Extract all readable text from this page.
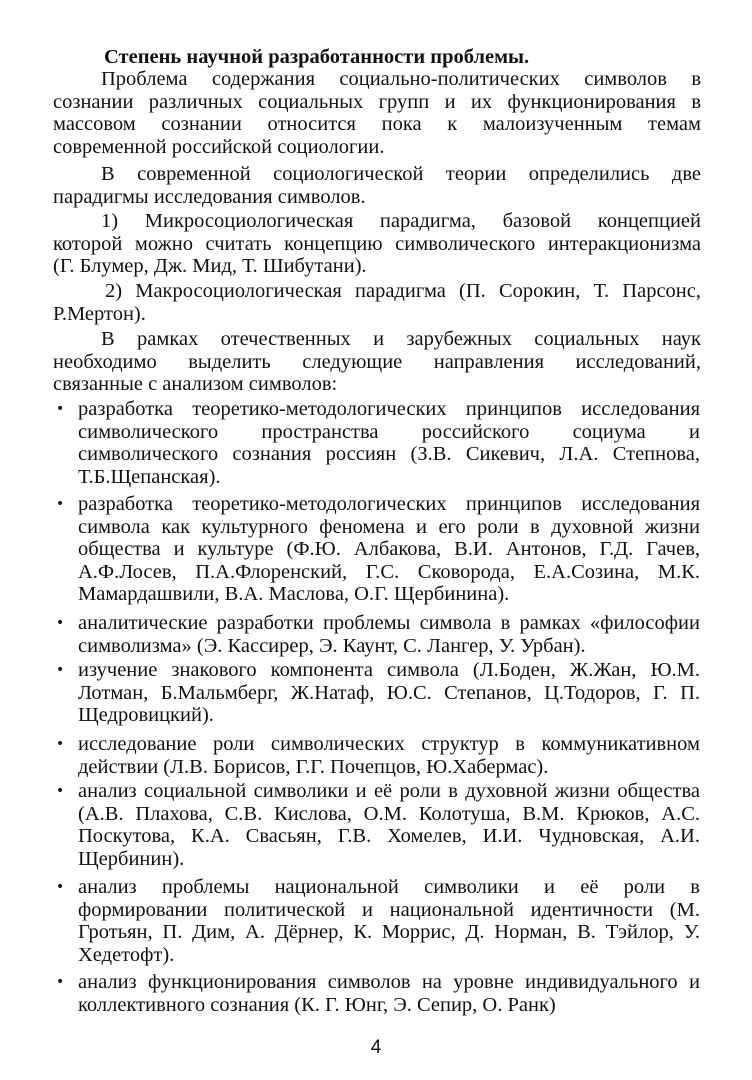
Степень научной разработанности проблемы.
Проблема содержания социально-политических символов в
сознании различных социальных групп и их функционирования в
массовом сознании относится пока к малоизученным темам
современной российской социологии.
В современной социологической теории определились две
парадигмы исследования символов.
1) Микросоциологическая парадигма, базовой концепцией
которой можно считать концепцию символического интеракционизма
(Г. Блумер, Дж. Мид, Т. Шибутани).
2) Макросоциологическая парадигма (П. Сорокин, Т. Парсонс,
Р.Мертон).
В рамках отечественных и зарубежных социальных наук
необходимо выделить следующие направления исследований,
связанные с анализом символов:
• разработка теоретико-методологических принципов исследования
символического пространства российского социума и
символического сознания россиян (З.В. Сикевич, Л.А. Степнова,
Т.Б.Щепанская).
• разработка теоретико-методологических принципов исследования
символа как культурного феномена и его роли в духовной жизни
общества и культуре (Ф.Ю. Албакова, В.И. Антонов, Г.Д. Гачев,
А.Ф.Лосев, П.А.Флоренский, Г.С. Сковорода, Е.А.Созина, М.К.
Мамардашвили, В.А. Маслова, О.Г. Щербинина).
• аналитические разработки проблемы символа в рамках «философии
символизма» (Э. Кассирер, Э. Каунт, С. Лангер, У. Урбан).
• изучение знакового компонента символа (Л.Боден, Ж.Жан, Ю.М.
Лотман, Б.Мальмберг, Ж.Натаф, Ю.С. Степанов, Ц.Тодоров, Г. П.
Щедровицкий).
• исследование роли символических структур в коммуникативном
действии (Л.В. Борисов, Г.Г. Почепцов, Ю.Хабермас).
• анализ социальной символики и её роли в духовной жизни общества
(А.В. Плахова, С.В. Кислова, О.М. Колотуша, В.М. Крюков, А.С.
Поскутова, К.А. Свасьян, Г.В. Хомелев, И.И. Чудновская, А.И.
Щербинин).
• анализ проблемы национальной символики и её роли в
формировании политической и национальной идентичности (М.
Гротьян, П. Дим, А. Дёрнер, К. Моррис, Д. Норман, В. Тэйлор, У.
Хедетофт).
• анализ функционирования символов на уровне индивидуального и
коллективного сознания (К. Г. Юнг, Э. Сепир, О. Ранк)
4
